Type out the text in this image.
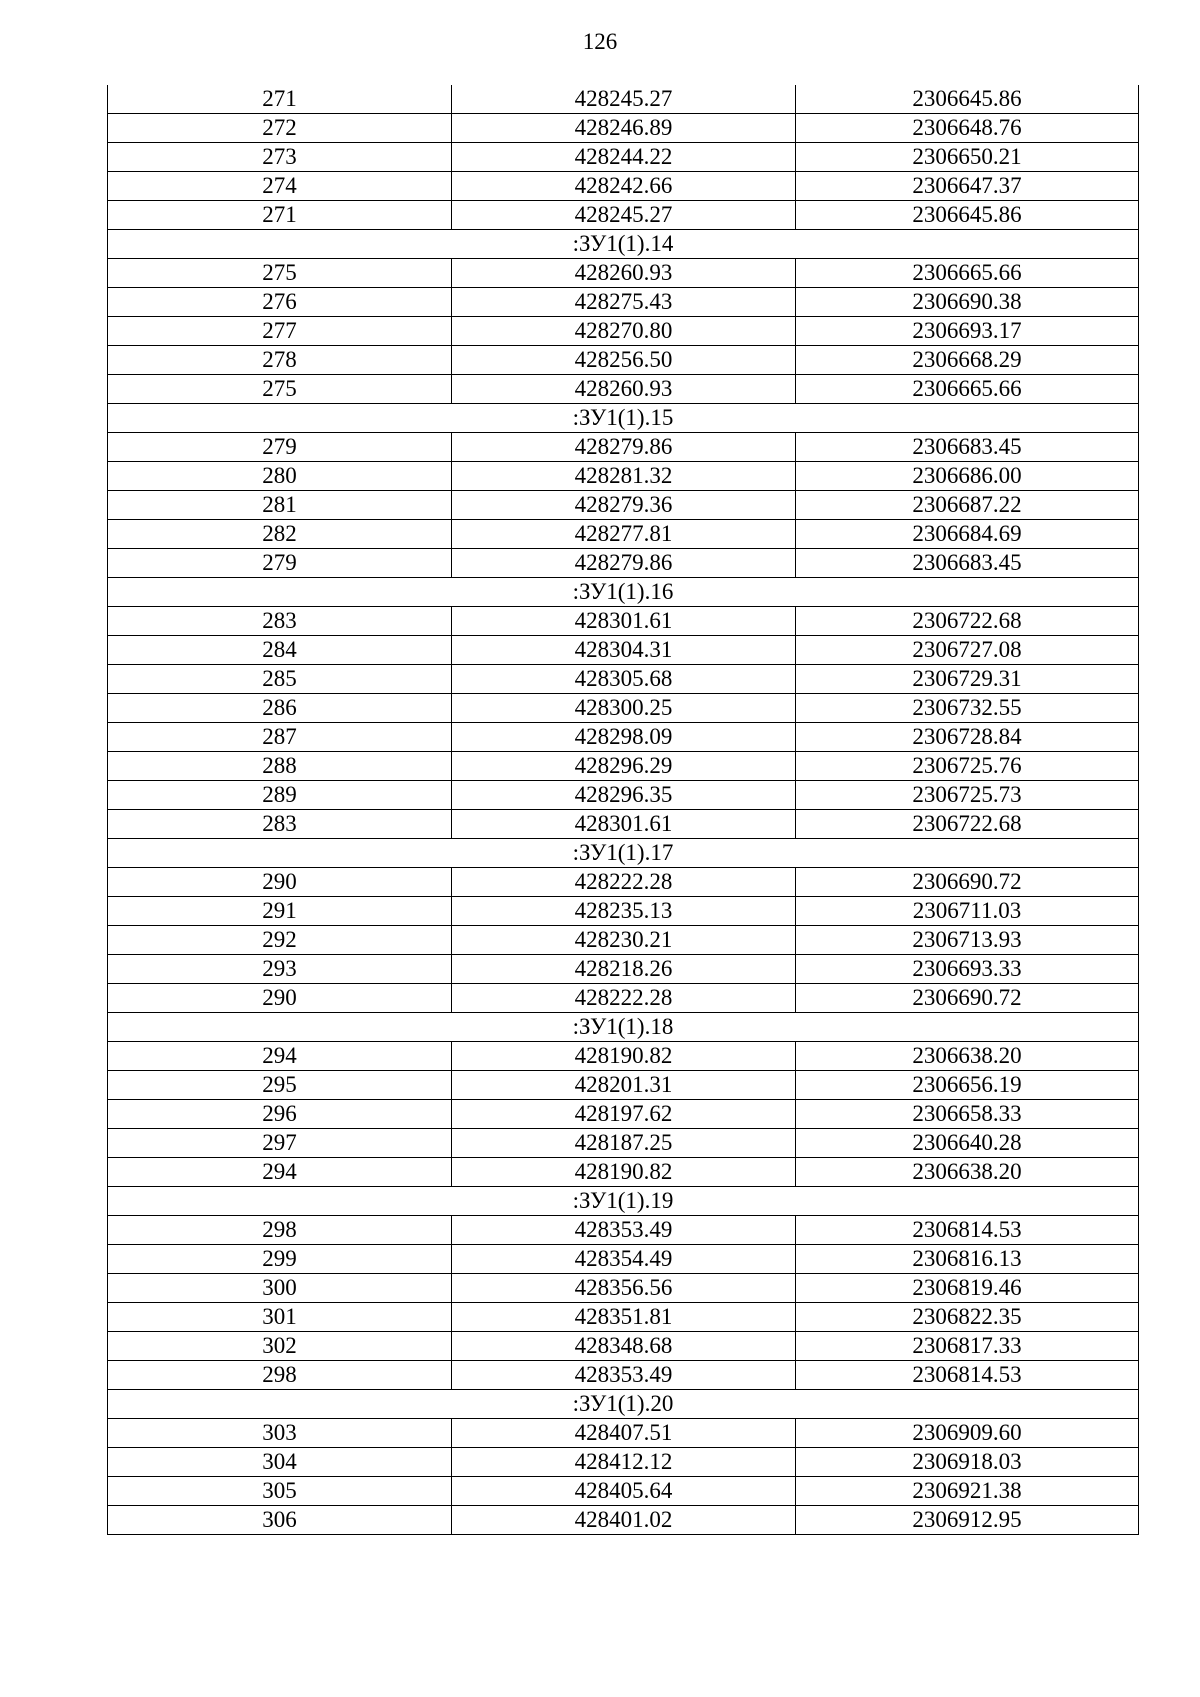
126
271	428245.27	2306645.86
272	428246.89	2306648.76
273	428244.22	2306650.21
274	428242.66	2306647.37
271	428245.27	2306645.86
:ЗУ1(1).14		
275	428260.93	2306665.66
276	428275.43	2306690.38
277	428270.80	2306693.17
278	428256.50	2306668.29
275	428260.93	2306665.66
:ЗУ1(1).15		
279	428279.86	2306683.45
280	428281.32	2306686.00
281	428279.36	2306687.22
282	428277.81	2306684.69
279	428279.86	2306683.45
:ЗУ1(1).16		
283	428301.61	2306722.68
284	428304.31	2306727.08
285	428305.68	2306729.31
286	428300.25	2306732.55
287	428298.09	2306728.84
288	428296.29	2306725.76
289	428296.35	2306725.73
283	428301.61	2306722.68
:ЗУ1(1).17		
290	428222.28	2306690.72
291	428235.13	2306711.03
292	428230.21	2306713.93
293	428218.26	2306693.33
290	428222.28	2306690.72
:ЗУ1(1).18		
294	428190.82	2306638.20
295	428201.31	2306656.19
296	428197.62	2306658.33
297	428187.25	2306640.28
294	428190.82	2306638.20
:ЗУ1(1).19		
298	428353.49	2306814.53
299	428354.49	2306816.13
300	428356.56	2306819.46
301	428351.81	2306822.35
302	428348.68	2306817.33
298	428353.49	2306814.53
:ЗУ1(1).20		
303	428407.51	2306909.60
304	428412.12	2306918.03
305	428405.64	2306921.38
306	428401.02	2306912.95
